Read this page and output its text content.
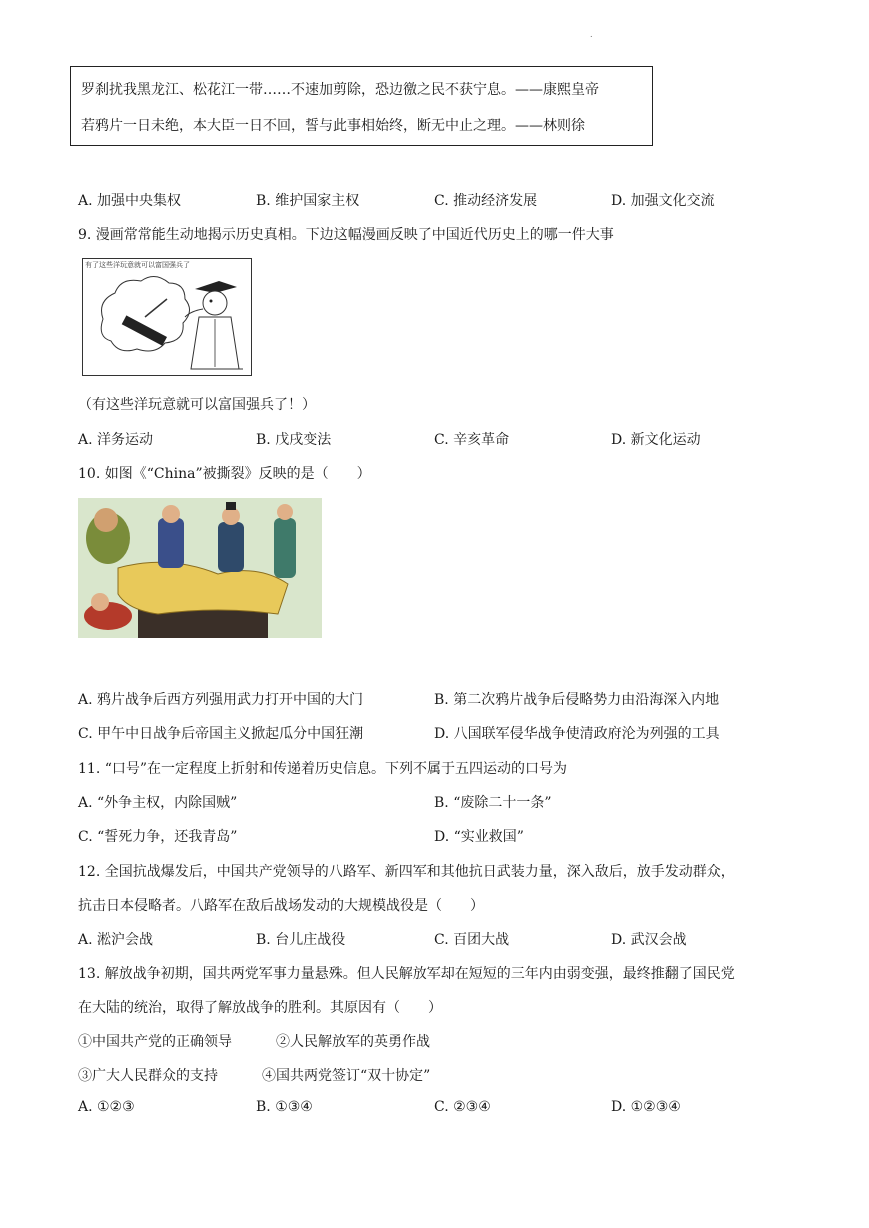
.
罗刹扰我黑龙江、松花江一带……不速加剪除，恐边徼之民不获宁息。——康熙皇帝
若鸦片一日未绝，本大臣一日不回，誓与此事相始终，断无中止之理。——林则徐
A. 加强中央集权	B. 维护国家主权	C. 推动经济发展	D. 加强文化交流
9. 漫画常常能生动地揭示历史真相。下边这幅漫画反映了中国近代历史上的哪一件大事
有了这些洋玩意就可以富国强兵了
（有这些洋玩意就可以富国强兵了！）
A. 洋务运动	B. 戊戌变法	C. 辛亥革命	D. 新文化运动
10. 如图《“China”被撕裂》反映的是（　　）
A. 鸦片战争后西方列强用武力打开中国的大门	B. 第二次鸦片战争后侵略势力由沿海深入内地
C. 甲午中日战争后帝国主义掀起瓜分中国狂潮	D. 八国联军侵华战争使清政府沦为列强的工具
11. “口号”在一定程度上折射和传递着历史信息。下列不属于五四运动的口号为
A. “外争主权，内除国贼”	B. “废除二十一条”
C. “誓死力争，还我青岛”	D. “实业救国”
12. 全国抗战爆发后，中国共产党领导的八路军、新四军和其他抗日武装力量，深入敌后，放手发动群众，
抗击日本侵略者。八路军在敌后战场发动的大规模战役是（　　）
A. 淞沪会战	B. 台儿庄战役	C. 百团大战	D. 武汉会战
13. 解放战争初期，国共两党军事力量悬殊。但人民解放军却在短短的三年内由弱变强，最终推翻了国民党
在大陆的统治，取得了解放战争的胜利。其原因有（　　）
①中国共产党的正确领导	②人民解放军的英勇作战
③广大人民群众的支持	④国共两党签订“双十协定”
A. ①②③	B. ①③④	C. ②③④	D. ①②③④
